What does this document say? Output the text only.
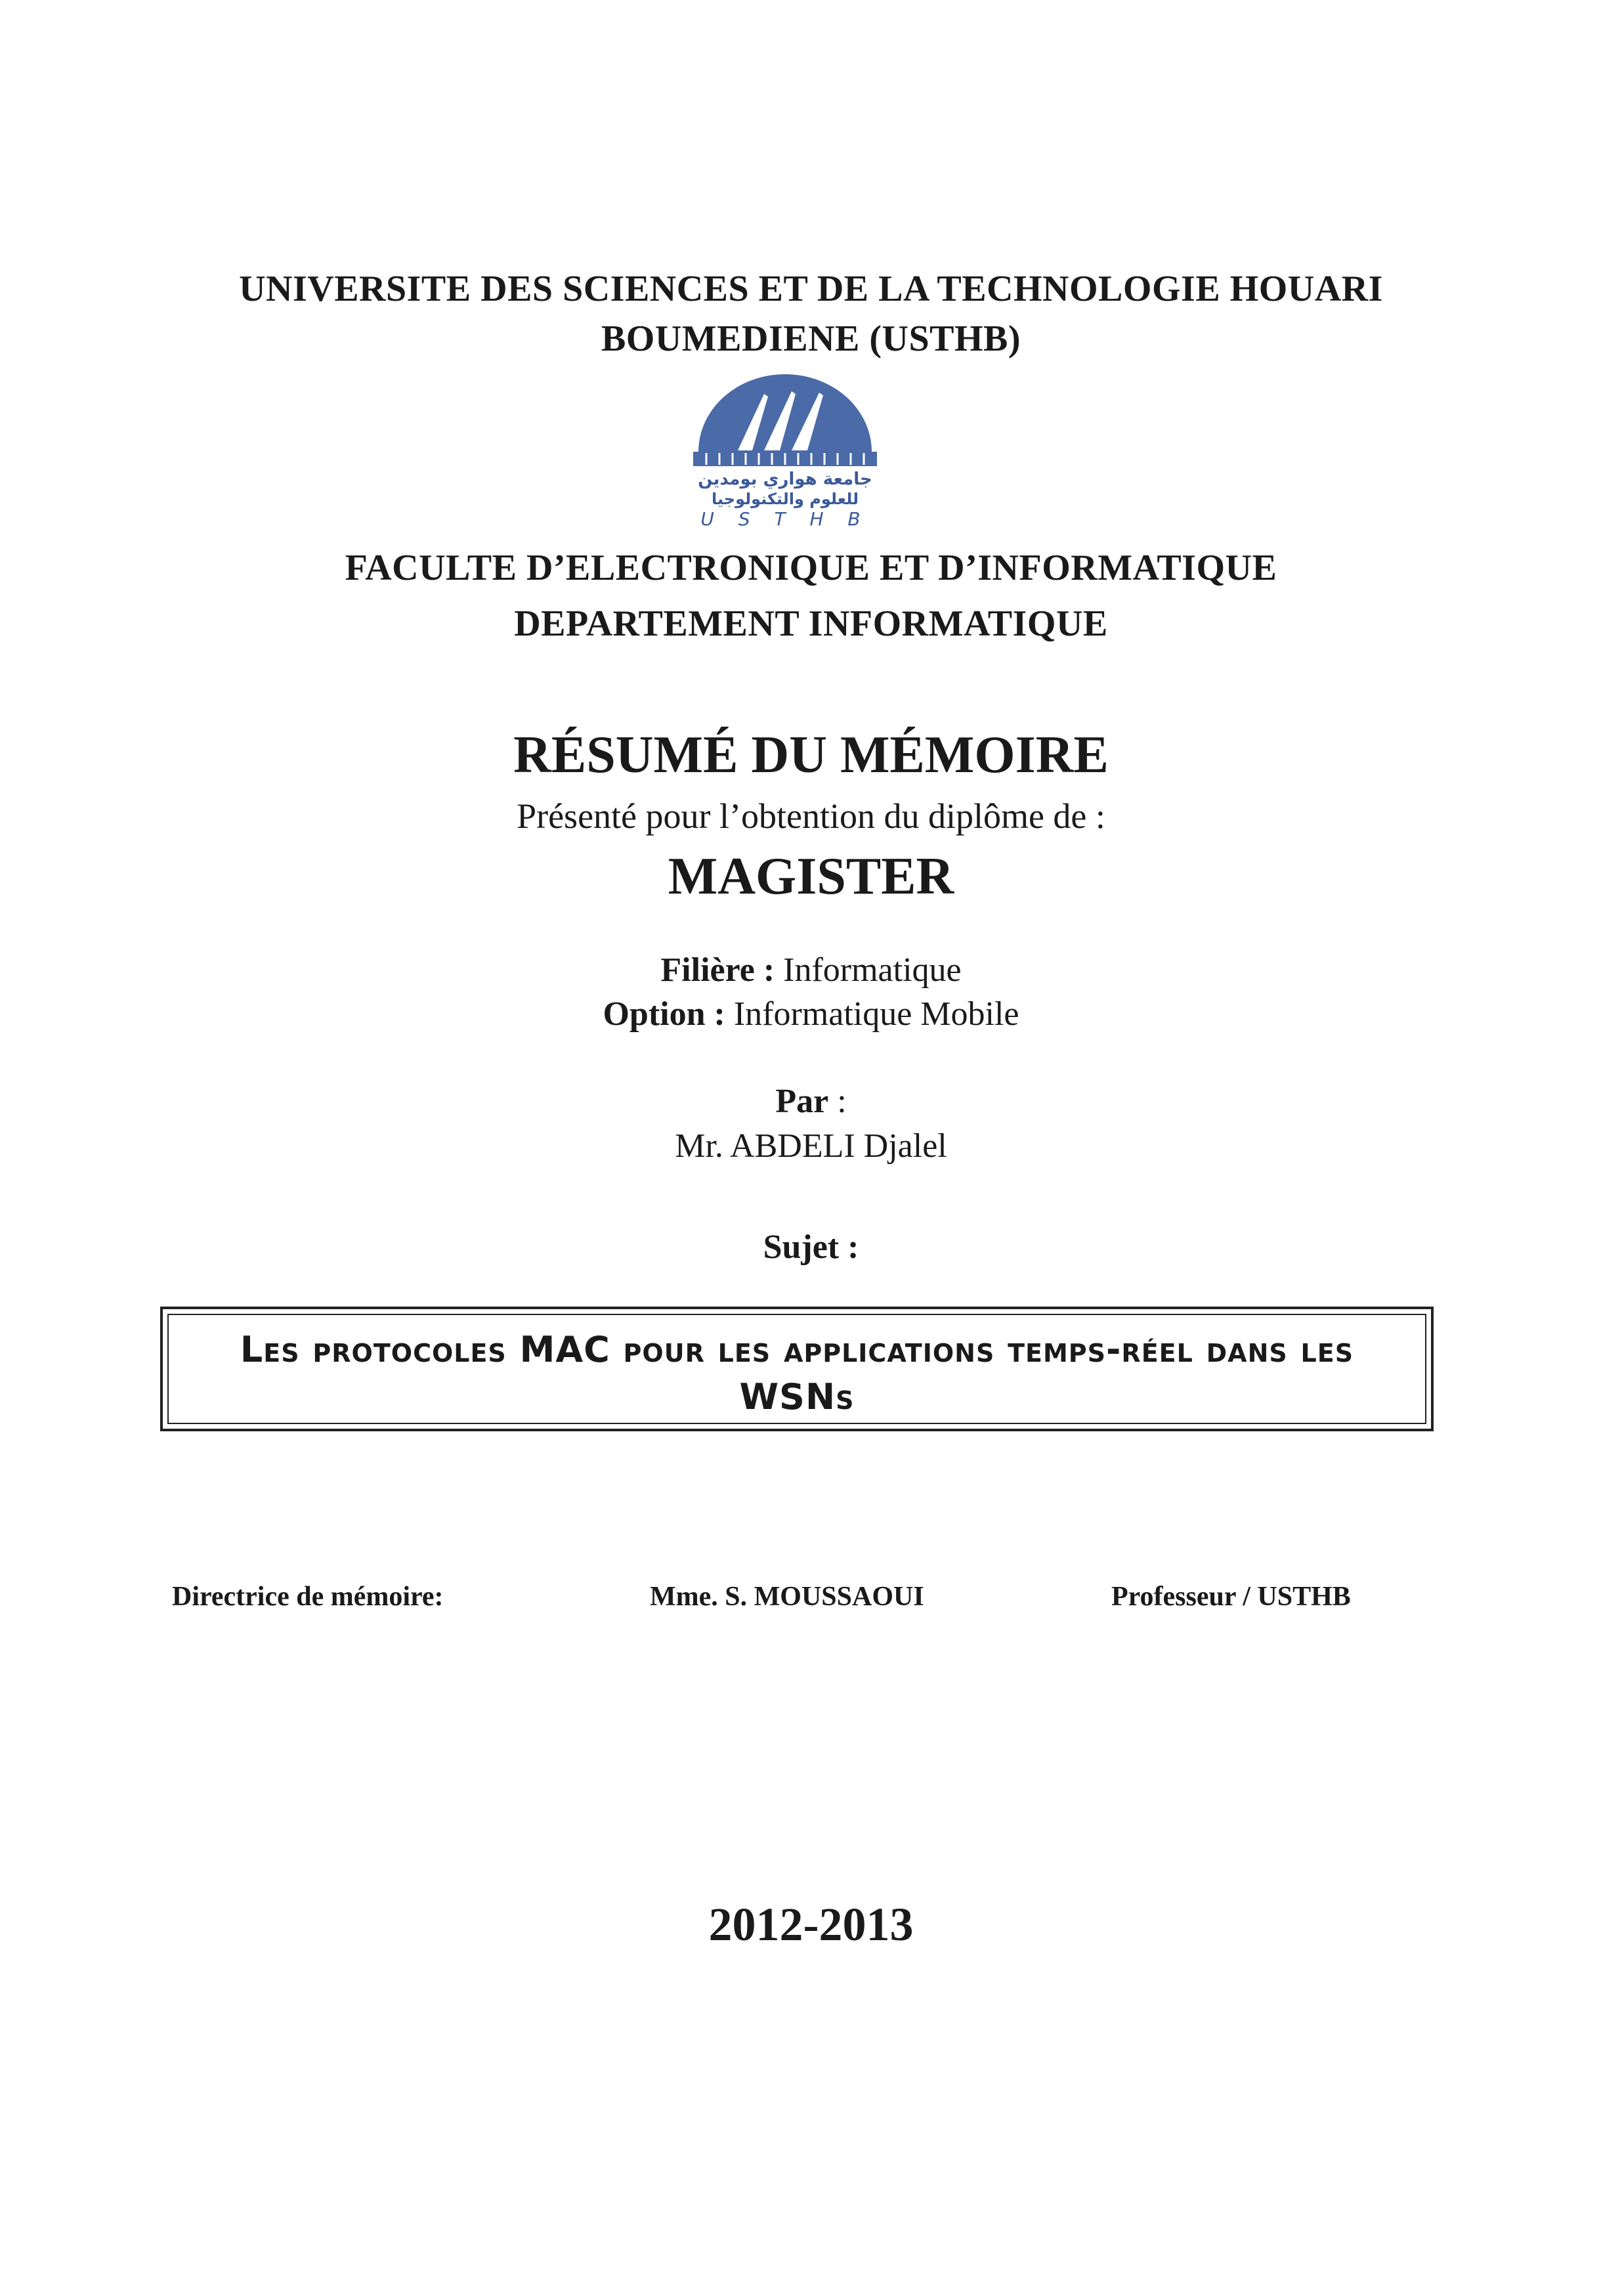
UNIVERSITE DES SCIENCES ET DE LA TECHNOLOGIE HOUARI
BOUMEDIENE (USTHB)
جامعة هواري بومدين
للعلوم والتكنولوجيا
U S T H B
FACULTE D’ELECTRONIQUE ET D’INFORMATIQUE
DEPARTEMENT INFORMATIQUE
RÉSUMÉ DU MÉMOIRE
Présenté pour l’obtention du diplôme de :
MAGISTER
Filière : Informatique
Option : Informatique Mobile
Par :
Mr. ABDELI Djalel
Sujet :
Les protocoles MAC pour les applications temps-réel dans les WSNs
Directrice de mémoire:	Mme. S. MOUSSAOUI	Professeur / USTHB
2012-2013
